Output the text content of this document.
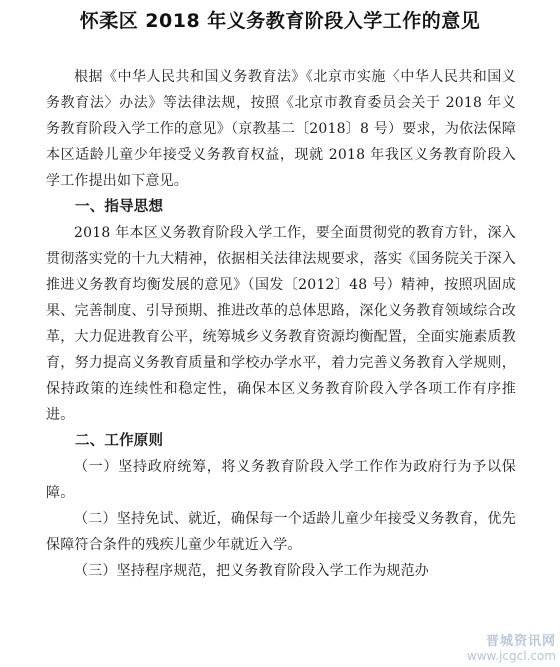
怀柔区 2018 年义务教育阶段入学工作的意见

根据《中华人民共和国义务教育法》《北京市实施〈中华人民共和国义务教育法〉办法》等法律法规，按照《北京市教育委员会关于 2018 年义务教育阶段入学工作的意见》（京教基二〔2018〕8 号）要求，为依法保障本区适龄儿童少年接受义务教育权益，现就 2018 年我区义务教育阶段入学工作提出如下意见。

一、指导思想

2018 年本区义务教育阶段入学工作，要全面贯彻党的教育方针，深入贯彻落实党的十九大精神，依据相关法律法规要求，落实《国务院关于深入推进义务教育均衡发展的意见》（国发〔2012〕48 号）精神，按照巩固成果、完善制度、引导预期、推进改革的总体思路，深化义务教育领域综合改革，大力促进教育公平，统筹城乡义务教育资源均衡配置，全面实施素质教育，努力提高义务教育质量和学校办学水平，着力完善义务教育入学规则，保持政策的连续性和稳定性，确保本区义务教育阶段入学各项工作有序推进。

二、工作原则

（一）坚持政府统筹，将义务教育阶段入学工作作为政府行为予以保障。

（二）坚持免试、就近，确保每一个适龄儿童少年接受义务教育，优先保障符合条件的残疾儿童少年就近入学。

（三）坚持程序规范，把义务教育阶段入学工作为规范办

晋城资讯网
www.jcgcl.com
